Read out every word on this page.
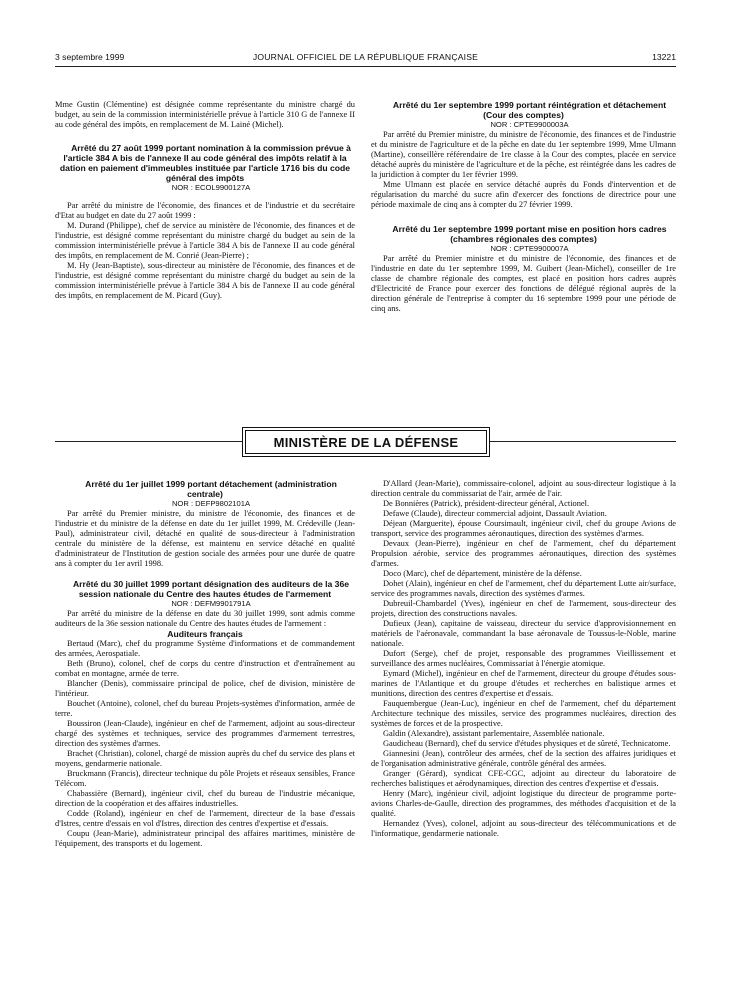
3 septembre 1999	JOURNAL OFFICIEL DE LA RÉPUBLIQUE FRANÇAISE	13221

Mme Gustin (Clémentine) est désignée comme représentante du ministre chargé du budget, au sein de la commission interministérielle prévue à l'article 310 G de l'annexe II au code général des impôts, en remplacement de M. Lainé (Michel).

Arrêté du 27 août 1999 portant nomination à la commission prévue à l'article 384 A bis de l'annexe II au code général des impôts relatif à la dation en paiement d'immeubles instituée par l'article 1716 bis du code général des impôts

NOR : ECOL9900127A

Par arrêté du ministre de l'économie, des finances et de l'industrie et du secrétaire d'Etat au budget en date du 27 août 1999 :

M. Durand (Philippe), chef de service au ministère de l'économie, des finances et de l'industrie, est désigné comme représentant du ministre chargé du budget au sein de la commission interministérielle prévue à l'article 384 A bis de l'annexe II au code général des impôts, en remplacement de M. Conrié (Jean-Pierre) ;

M. Hy (Jean-Baptiste), sous-directeur au ministère de l'économie, des finances et de l'industrie, est désigné comme représentant du ministre chargé du budget au sein de la commission interministérielle prévue à l'article 384 A bis de l'annexe II au code général des impôts, en remplacement de M. Picard (Guy).

Arrêté du 1er septembre 1999 portant réintégration et détachement (Cour des comptes)

NOR : CPTE9900003A

Par arrêté du Premier ministre, du ministre de l'économie, des finances et de l'industrie et du ministre de l'agriculture et de la pêche en date du 1er septembre 1999, Mme Ulmann (Martine), conseillère référendaire de 1re classe à la Cour des comptes, placée en service détaché auprès du ministère de l'agriculture et de la pêche, est réintégrée dans les cadres de la juridiction à compter du 1er février 1999.

Mme Ulmann est placée en service détaché auprès du Fonds d'intervention et de régularisation du marché du sucre afin d'exercer des fonctions de directrice pour une période maximale de cinq ans à compter du 27 février 1999.

Arrêté du 1er septembre 1999 portant mise en position hors cadres (chambres régionales des comptes)

NOR : CPTE9900007A

Par arrêté du Premier ministre et du ministre de l'économie, des finances et de l'industrie en date du 1er septembre 1999, M. Guibert (Jean-Michel), conseiller de 1re classe de chambre régionale des comptes, est placé en position hors cadres auprès d'Electricité de France pour exercer des fonctions de délégué régional auprès de la direction générale de l'entreprise à compter du 16 septembre 1999 pour une période de cinq ans.

MINISTÈRE DE LA DÉFENSE

Arrêté du 1er juillet 1999 portant détachement (administration centrale)

NOR : DEFP9802101A

Par arrêté du Premier ministre, du ministre de l'économie, des finances et de l'industrie et du ministre de la défense en date du 1er juillet 1999, M. Crédeville (Jean-Paul), administrateur civil, détaché en qualité de sous-directeur à l'administration centrale du ministère de la défense, est maintenu en service détaché en qualité d'administrateur de l'Institution de gestion sociale des armées pour une durée de quatre ans à compter du 1er avril 1998.

Arrêté du 30 juillet 1999 portant désignation des auditeurs de la 36e session nationale du Centre des hautes études de l'armement

NOR : DEFM9901791A

Par arrêté du ministre de la défense en date du 30 juillet 1999, sont admis comme auditeurs de la 36e session nationale du Centre des hautes études de l'armement :

Auditeurs français

Bertaud (Marc), chef du programme Système d'informations et de commandement des armées, Aerospatiale.

Beth (Bruno), colonel, chef de corps du centre d'instruction et d'entraînement au combat en montagne, armée de terre.

Blancher (Denis), commissaire principal de police, chef de division, ministère de l'intérieur.

Bouchet (Antoine), colonel, chef du bureau Projets-systèmes d'information, armée de terre.

Boussiron (Jean-Claude), ingénieur en chef de l'armement, adjoint au sous-directeur chargé des systèmes et techniques, service des programmes d'armement terrestres, direction des systèmes d'armes.

Brachet (Christian), colonel, chargé de mission auprès du chef du service des plans et moyens, gendarmerie nationale.

Bruckmann (Francis), directeur technique du pôle Projets et réseaux sensibles, France Télécom.

Chabassière (Bernard), ingénieur civil, chef du bureau de l'industrie mécanique, direction de la coopération et des affaires industrielles.

Codde (Roland), ingénieur en chef de l'armement, directeur de la base d'essais d'Istres, centre d'essais en vol d'Istres, direction des centres d'expertise et d'essais.

Coupu (Jean-Marie), administrateur principal des affaires maritimes, ministère de l'équipement, des transports et du logement.

D'Allard (Jean-Marie), commissaire-colonel, adjoint au sous-directeur logistique à la direction centrale du commissariat de l'air, armée de l'air.

De Bonnières (Patrick), président-directeur général, Actionel.

Defawe (Claude), directeur commercial adjoint, Dassault Aviation.

Déjean (Marguerite), épouse Coursimault, ingénieur civil, chef du groupe Avions de transport, service des programmes aéronautiques, direction des systèmes d'armes.

Devaux (Jean-Pierre), ingénieur en chef de l'armement, chef du département Propulsion aérobie, service des programmes aéronautiques, direction des systèmes d'armes.

Doco (Marc), chef de département, ministère de la défense.

Dohet (Alain), ingénieur en chef de l'armement, chef du département Lutte air/surface, service des programmes navals, direction des systèmes d'armes.

Dubreuil-Chambardel (Yves), ingénieur en chef de l'armement, sous-directeur des projets, direction des constructions navales.

Dufieux (Jean), capitaine de vaisseau, directeur du service d'approvisionnement en matériels de l'aéronavale, commandant la base aéronavale de Toussus-le-Noble, marine nationale.

Dufort (Serge), chef de projet, responsable des programmes Vieillissement et surveillance des armes nucléaires, Commissariat à l'énergie atomique.

Eymard (Michel), ingénieur en chef de l'armement, directeur du groupe d'études sous-marines de l'Atlantique et du groupe d'études et recherches en balistique armes et munitions, direction des centres d'expertise et d'essais.

Fauquembergue (Jean-Luc), ingénieur en chef de l'armement, chef du département Architecture technique des missiles, service des programmes nucléaires, direction des systèmes de forces et de la prospective.

Galdin (Alexandre), assistant parlementaire, Assemblée nationale.

Gaudicheau (Bernard), chef du service d'études physiques et de sûreté, Technicatome.

Giannesini (Jean), contrôleur des armées, chef de la section des affaires juridiques et de l'organisation administrative générale, contrôle général des armées.

Granger (Gérard), syndicat CFE-CGC, adjoint au directeur du laboratoire de recherches balistiques et aérodynamiques, direction des centres d'expertise et d'essais.

Henry (Marc), ingénieur civil, adjoint logistique du directeur de programme porte-avions Charles-de-Gaulle, direction des programmes, des méthodes d'acquisition et de la qualité.

Hernandez (Yves), colonel, adjoint au sous-directeur des télécommunications et de l'informatique, gendarmerie nationale.
